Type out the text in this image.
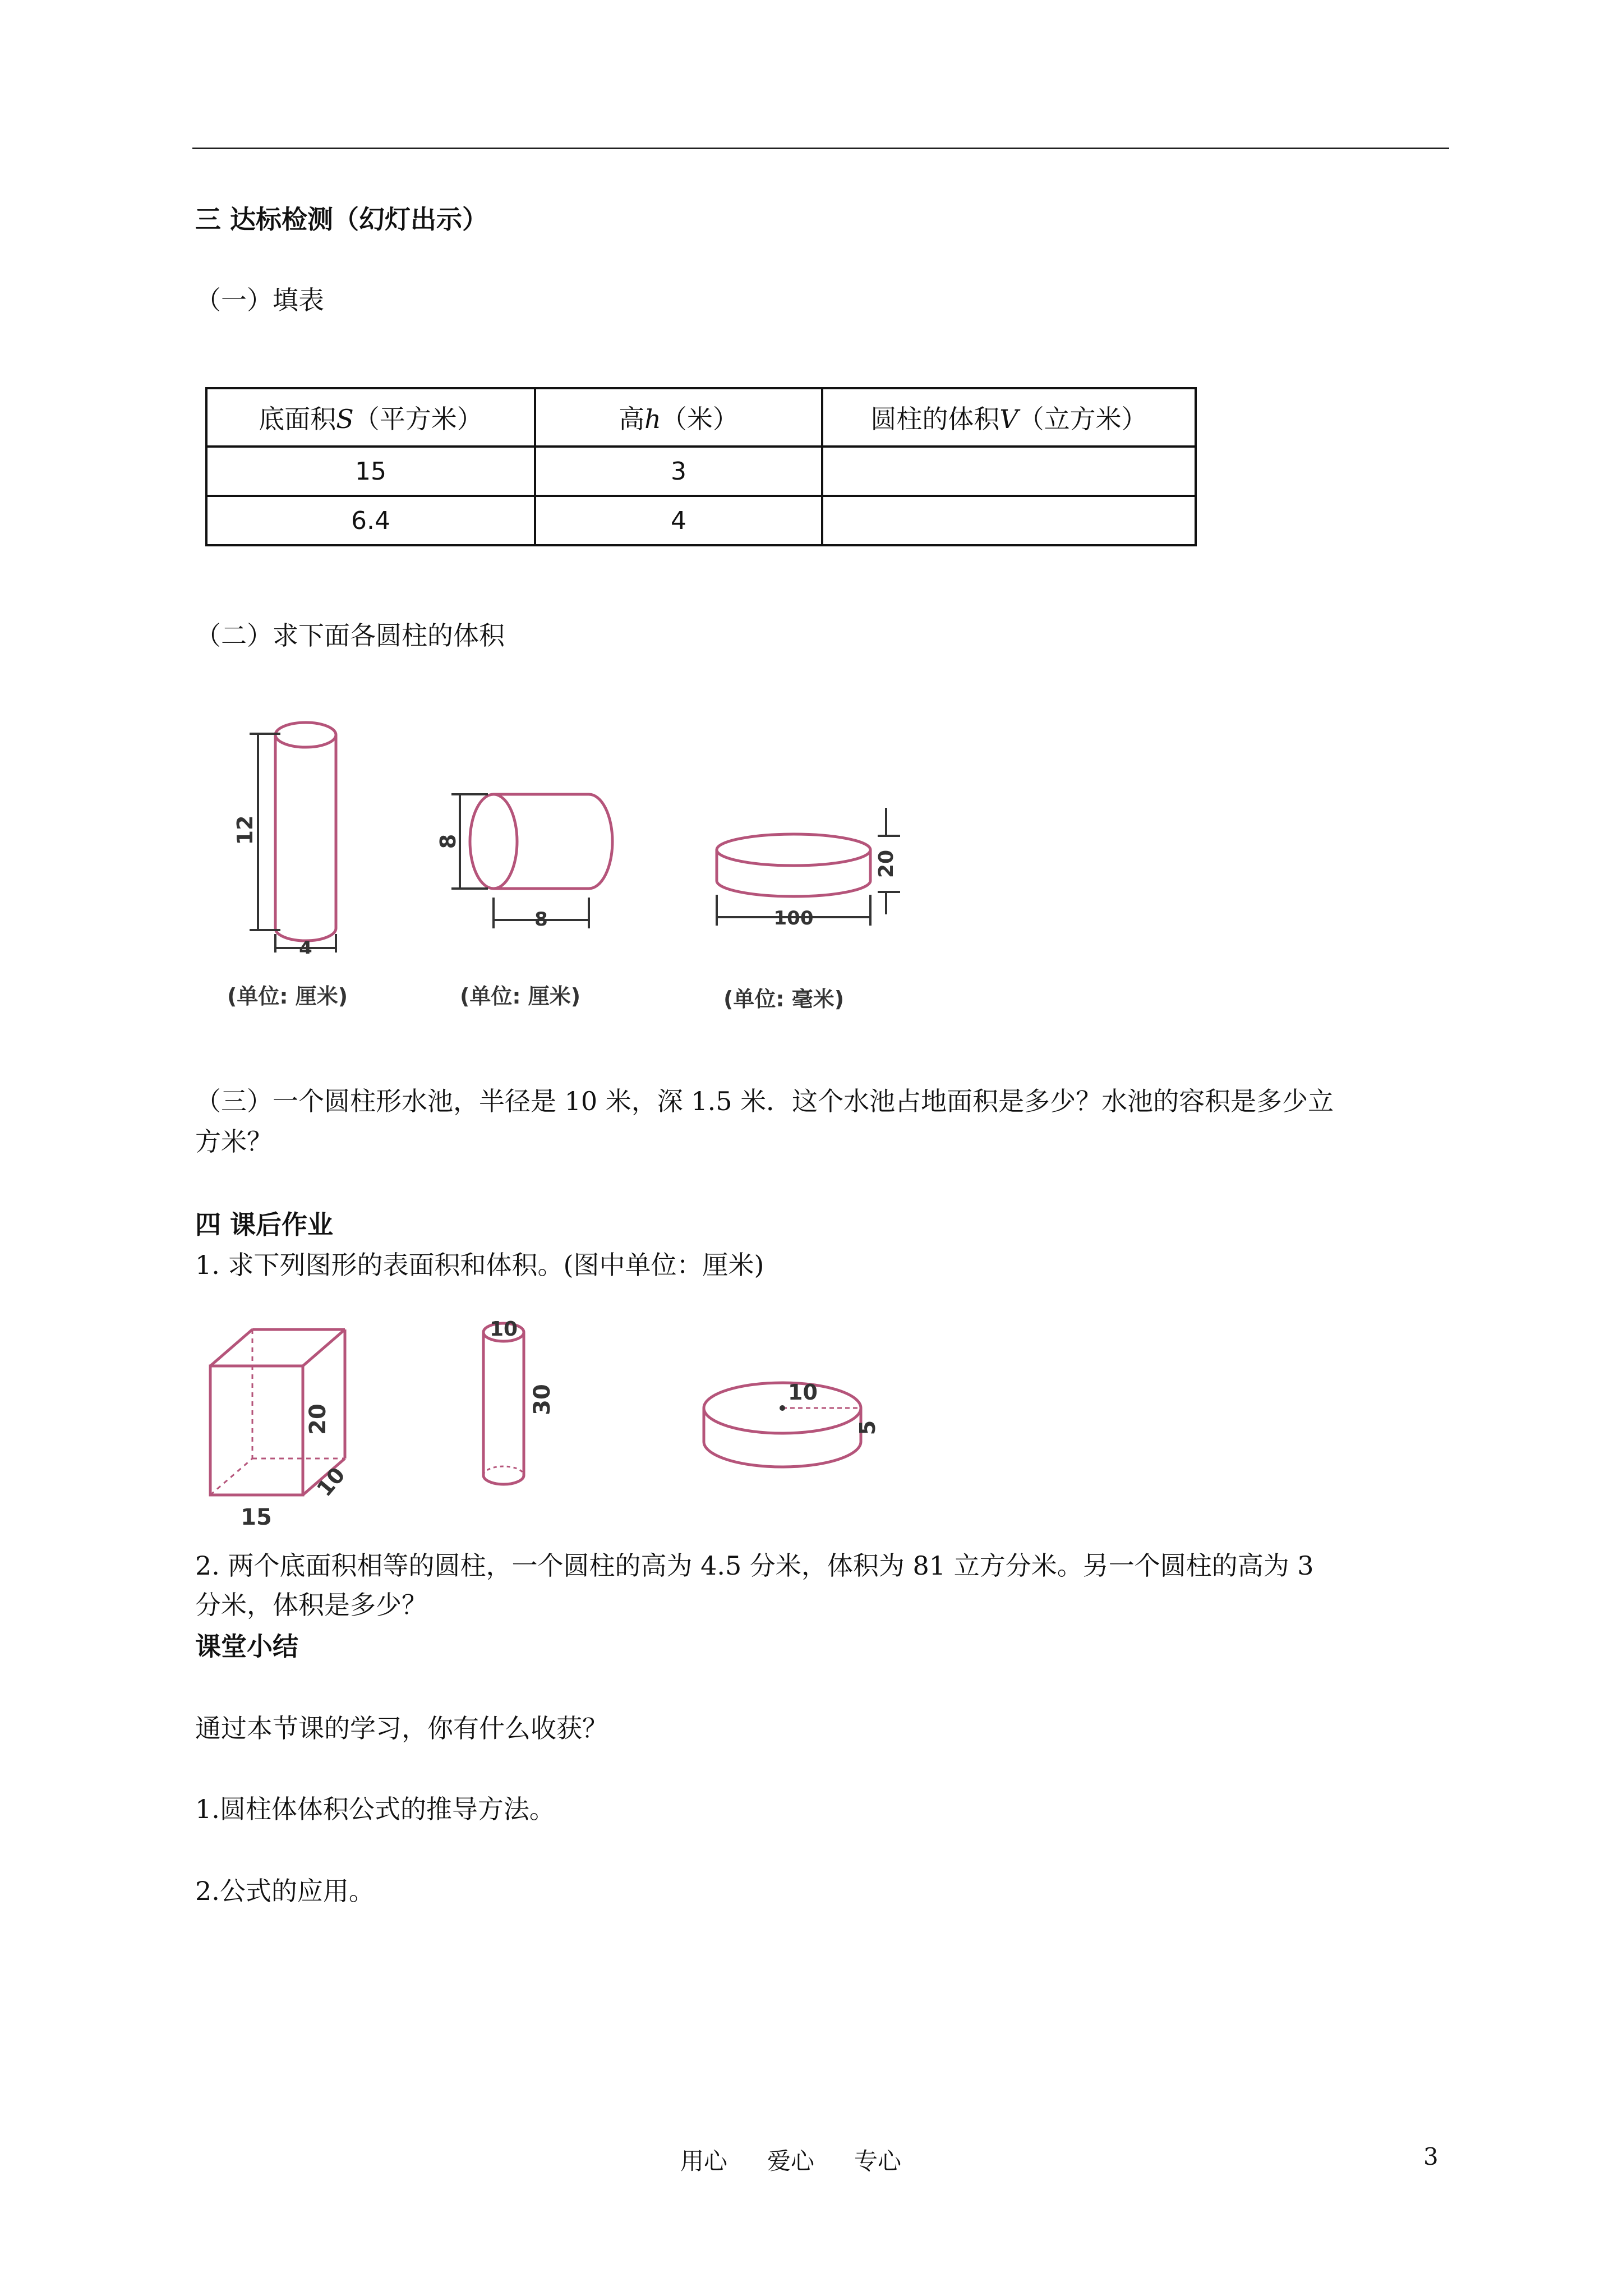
三 达标检测（幻灯出示）
（一）填表
底面积S（平方米）	高h（米）	圆柱的体积V（立方米）
15	3	
6.4	4	
（二）求下面各圆柱的体积
12
4
(单位: 厘米)
8
8
(单位: 厘米)
20
100
(单位: 毫米)
（三）一个圆柱形水池，半径是 10 米，深 1.5 米．这个水池占地面积是多少？水池的容积是多少立
方米？
四 课后作业
1. 求下列图形的表面积和体积。(图中单位：厘米)
15
10
20
10
30	10
5
2. 两个底面积相等的圆柱，一个圆柱的高为 4.5 分米，体积为 81 立方分米。另一个圆柱的高为 3
分米，体积是多少？
课堂小结
通过本节课的学习，你有什么收获？
1.圆柱体体积公式的推导方法。
2.公式的应用。
用心 爱心 专心	3
